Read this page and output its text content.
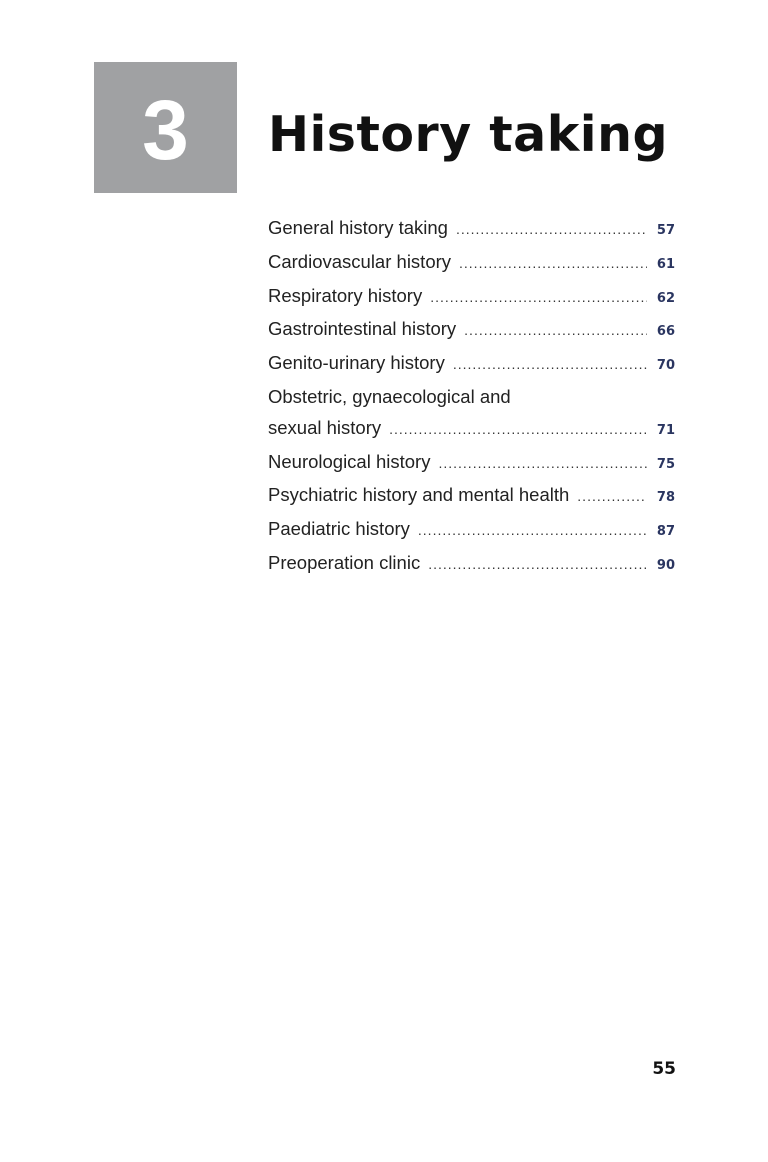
3 History taking
General history taking .....	57
Cardiovascular history .....	61
Respiratory history .....	62
Gastrointestinal history .....	66
Genito-urinary history .....	70
Obstetric, gynaecological and
sexual history .....	71
Neurological history .....	75
Psychiatric history and mental health .....	78
Paediatric history .....	87
Preoperation clinic .....	90
55
